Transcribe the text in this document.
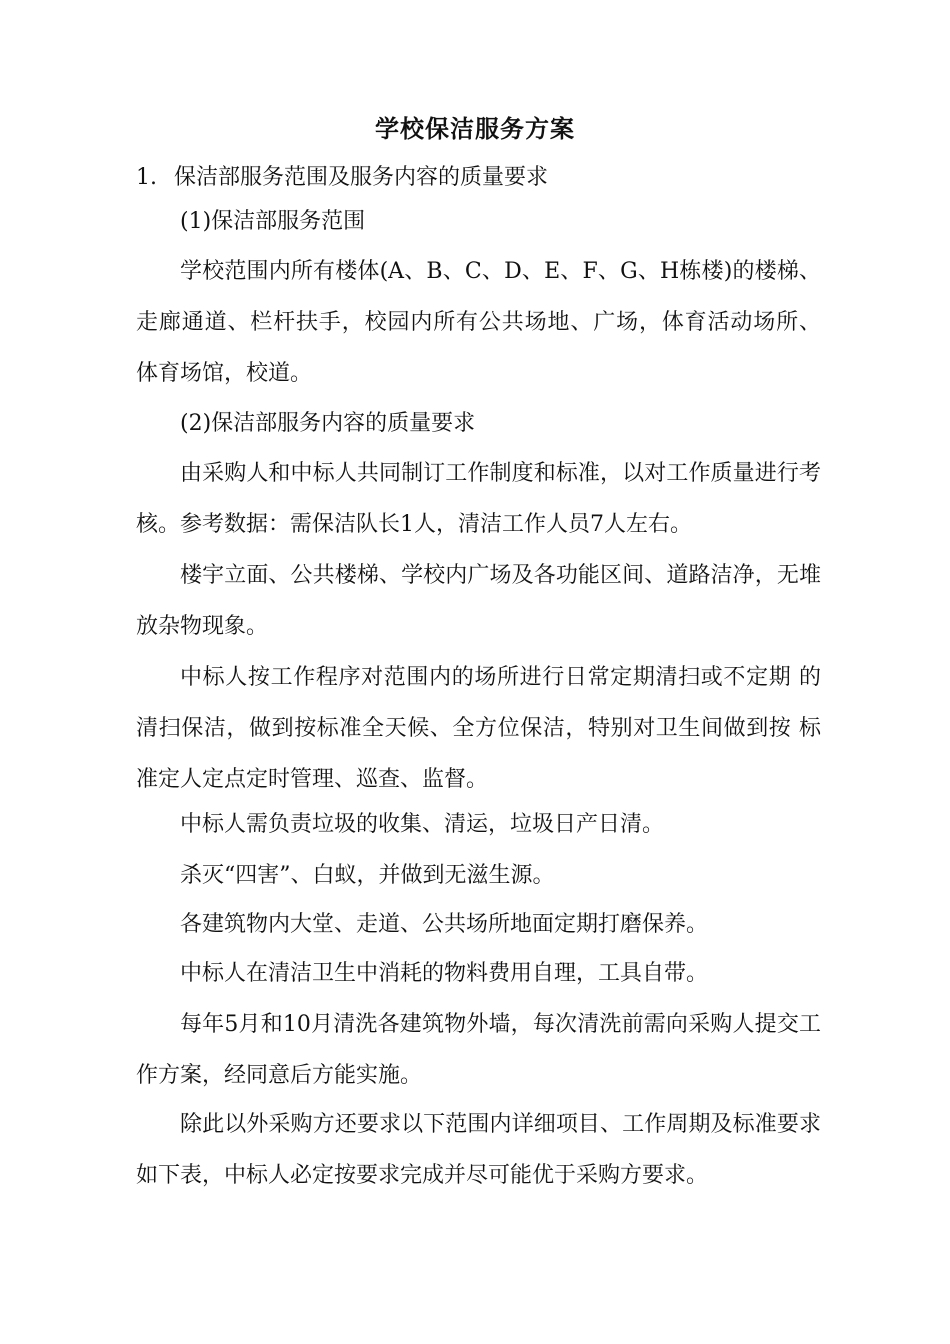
学校保洁服务方案
1. 保洁部服务范围及服务内容的质量要求
(1)保洁部服务范围
学校范围内所有楼体(A、B、C、D、E、F、G、H栋楼)的楼梯、 走廊通道、栏杆扶手，校园内所有公共场地、广场，体育活动场所、 体育场馆，校道。
(2)保洁部服务内容的质量要求
由采购人和中标人共同制订工作制度和标准，以对工作质量进行考核。参考数据：需保洁队长1人，清洁工作人员7人左右。
楼宇立面、公共楼梯、学校内广场及各功能区间、道路洁净，无堆放杂物现象。
中标人按工作程序对范围内的场所进行日常定期清扫或不定期 的清扫保洁，做到按标准全天候、全方位保洁，特别对卫生间做到按 标准定人定点定时管理、巡查、监督。
中标人需负责垃圾的收集、清运，垃圾日产日清。
杀灭“四害”、白蚁，并做到无滋生源。
各建筑物内大堂、走道、公共场所地面定期打磨保养。
中标人在清洁卫生中消耗的物料费用自理，工具自带。
每年5月和10月清洗各建筑物外墙，每次清洗前需向采购人提交工作方案，经同意后方能实施。
除此以外采购方还要求以下范围内详细项目、工作周期及标准要求如下表，中标人必定按要求完成并尽可能优于采购方要求。
